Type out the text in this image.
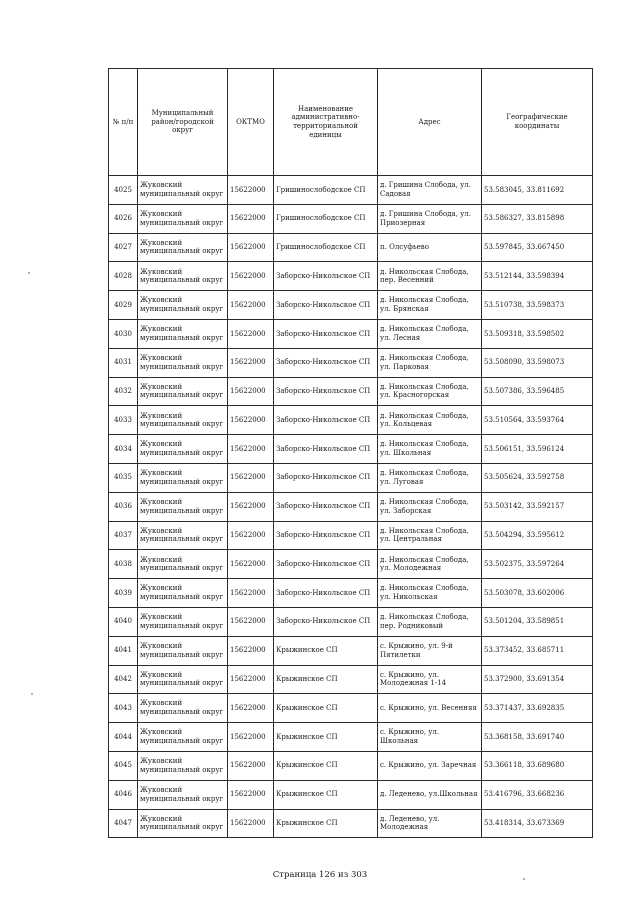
№ п/п	Муниципальный район/городской округ	ОКТМО	Наименование административно-территориальной единицы	Адрес	Географические координаты
4025	Жуковский муниципальный округ	15622000	Гришинослободское СП	д. Гришина Слобода, ул. Садовая	53.583045, 33.811692
4026	Жуковский муниципальный округ	15622000	Гришинослободское СП	д. Гришина Слобода, ул. Приозерная	53.586327, 33.815898
4027	Жуковский муниципальный округ	15622000	Гришинослободское СП	п. Олсуфьево	53.597845, 33.667450
4028	Жуковский муниципальный округ	15622000	Заборско-Никольское СП	д. Никольская Слобода, пер. Весенний	53.512144, 33.598394
4029	Жуковский муниципальный округ	15622000	Заборско-Никольское СП	д. Никольская Слобода, ул. Брянская	53.510738, 33.598373
4030	Жуковский муниципальный округ	15622000	Заборско-Никольское СП	д. Никольская Слобода, ул. Лесная	53.509318, 33.598502
4031	Жуковский муниципальный округ	15622000	Заборско-Никольское СП	д. Никольская Слобода, ул. Парковая	53.508090, 33.598073
4032	Жуковский муниципальный округ	15622000	Заборско-Никольское СП	д. Никольская Слобода, ул. Красногорская	53.507386, 33.596485
4033	Жуковский муниципальный округ	15622000	Заборско-Никольское СП	д. Никольская Слобода, ул. Кольцевая	53.510564, 33.593764
4034	Жуковский муниципальный округ	15622000	Заборско-Никольское СП	д. Никольская Слобода, ул. Школьная	53.506151, 33.596124
4035	Жуковский муниципальный округ	15622000	Заборско-Никольское СП	д. Никольская Слобода, ул. Луговая	53.505624, 33.592758
4036	Жуковский муниципальный округ	15622000	Заборско-Никольское СП	д. Никольская Слобода, ул. Заборская	53.503142, 33.592157
4037	Жуковский муниципальный округ	15622000	Заборско-Никольское СП	д. Никольская Слобода, ул. Центральная	53.504294, 33.595612
4038	Жуковский муниципальный округ	15622000	Заборско-Никольское СП	д. Никольская Слобода, ул. Молодежная	53.502375, 33.597264
4039	Жуковский муниципальный округ	15622000	Заборско-Никольское СП	д. Никольская Слобода, ул. Никольская	53.503078, 33.602006
4040	Жуковский муниципальный округ	15622000	Заборско-Никольское СП	д. Никольская Слобода, пер. Родниковый	53.501204, 33.589851
4041	Жуковский муниципальный округ	15622000	Крыжинское СП	с. Крыжино, ул. 9-й Пятилетки	53.373452, 33.685711
4042	Жуковский муниципальный округ	15622000	Крыжинское СП	с. Крыжино, ул. Молодежная 1-14	53.372900, 33.691354
4043	Жуковский муниципальный округ	15622000	Крыжинское СП	с. Крыжино, ул. Весенняя	53.371437, 33.692835
4044	Жуковский муниципальный округ	15622000	Крыжинское СП	с. Крыжино, ул. Школьная	53.368158, 33.691740
4045	Жуковский муниципальный округ	15622000	Крыжинское СП	с. Крыжино, ул. Заречная	53.366118, 33.689680
4046	Жуковский муниципальный округ	15622000	Крыжинское СП	д. Леденево, ул.Школьная	53.416796, 33.668236
4047	Жуковский муниципальный округ	15622000	Крыжинское СП	д. Леденево, ул. Молодежная	53.418314, 33.673369
Страница 126 из 303
